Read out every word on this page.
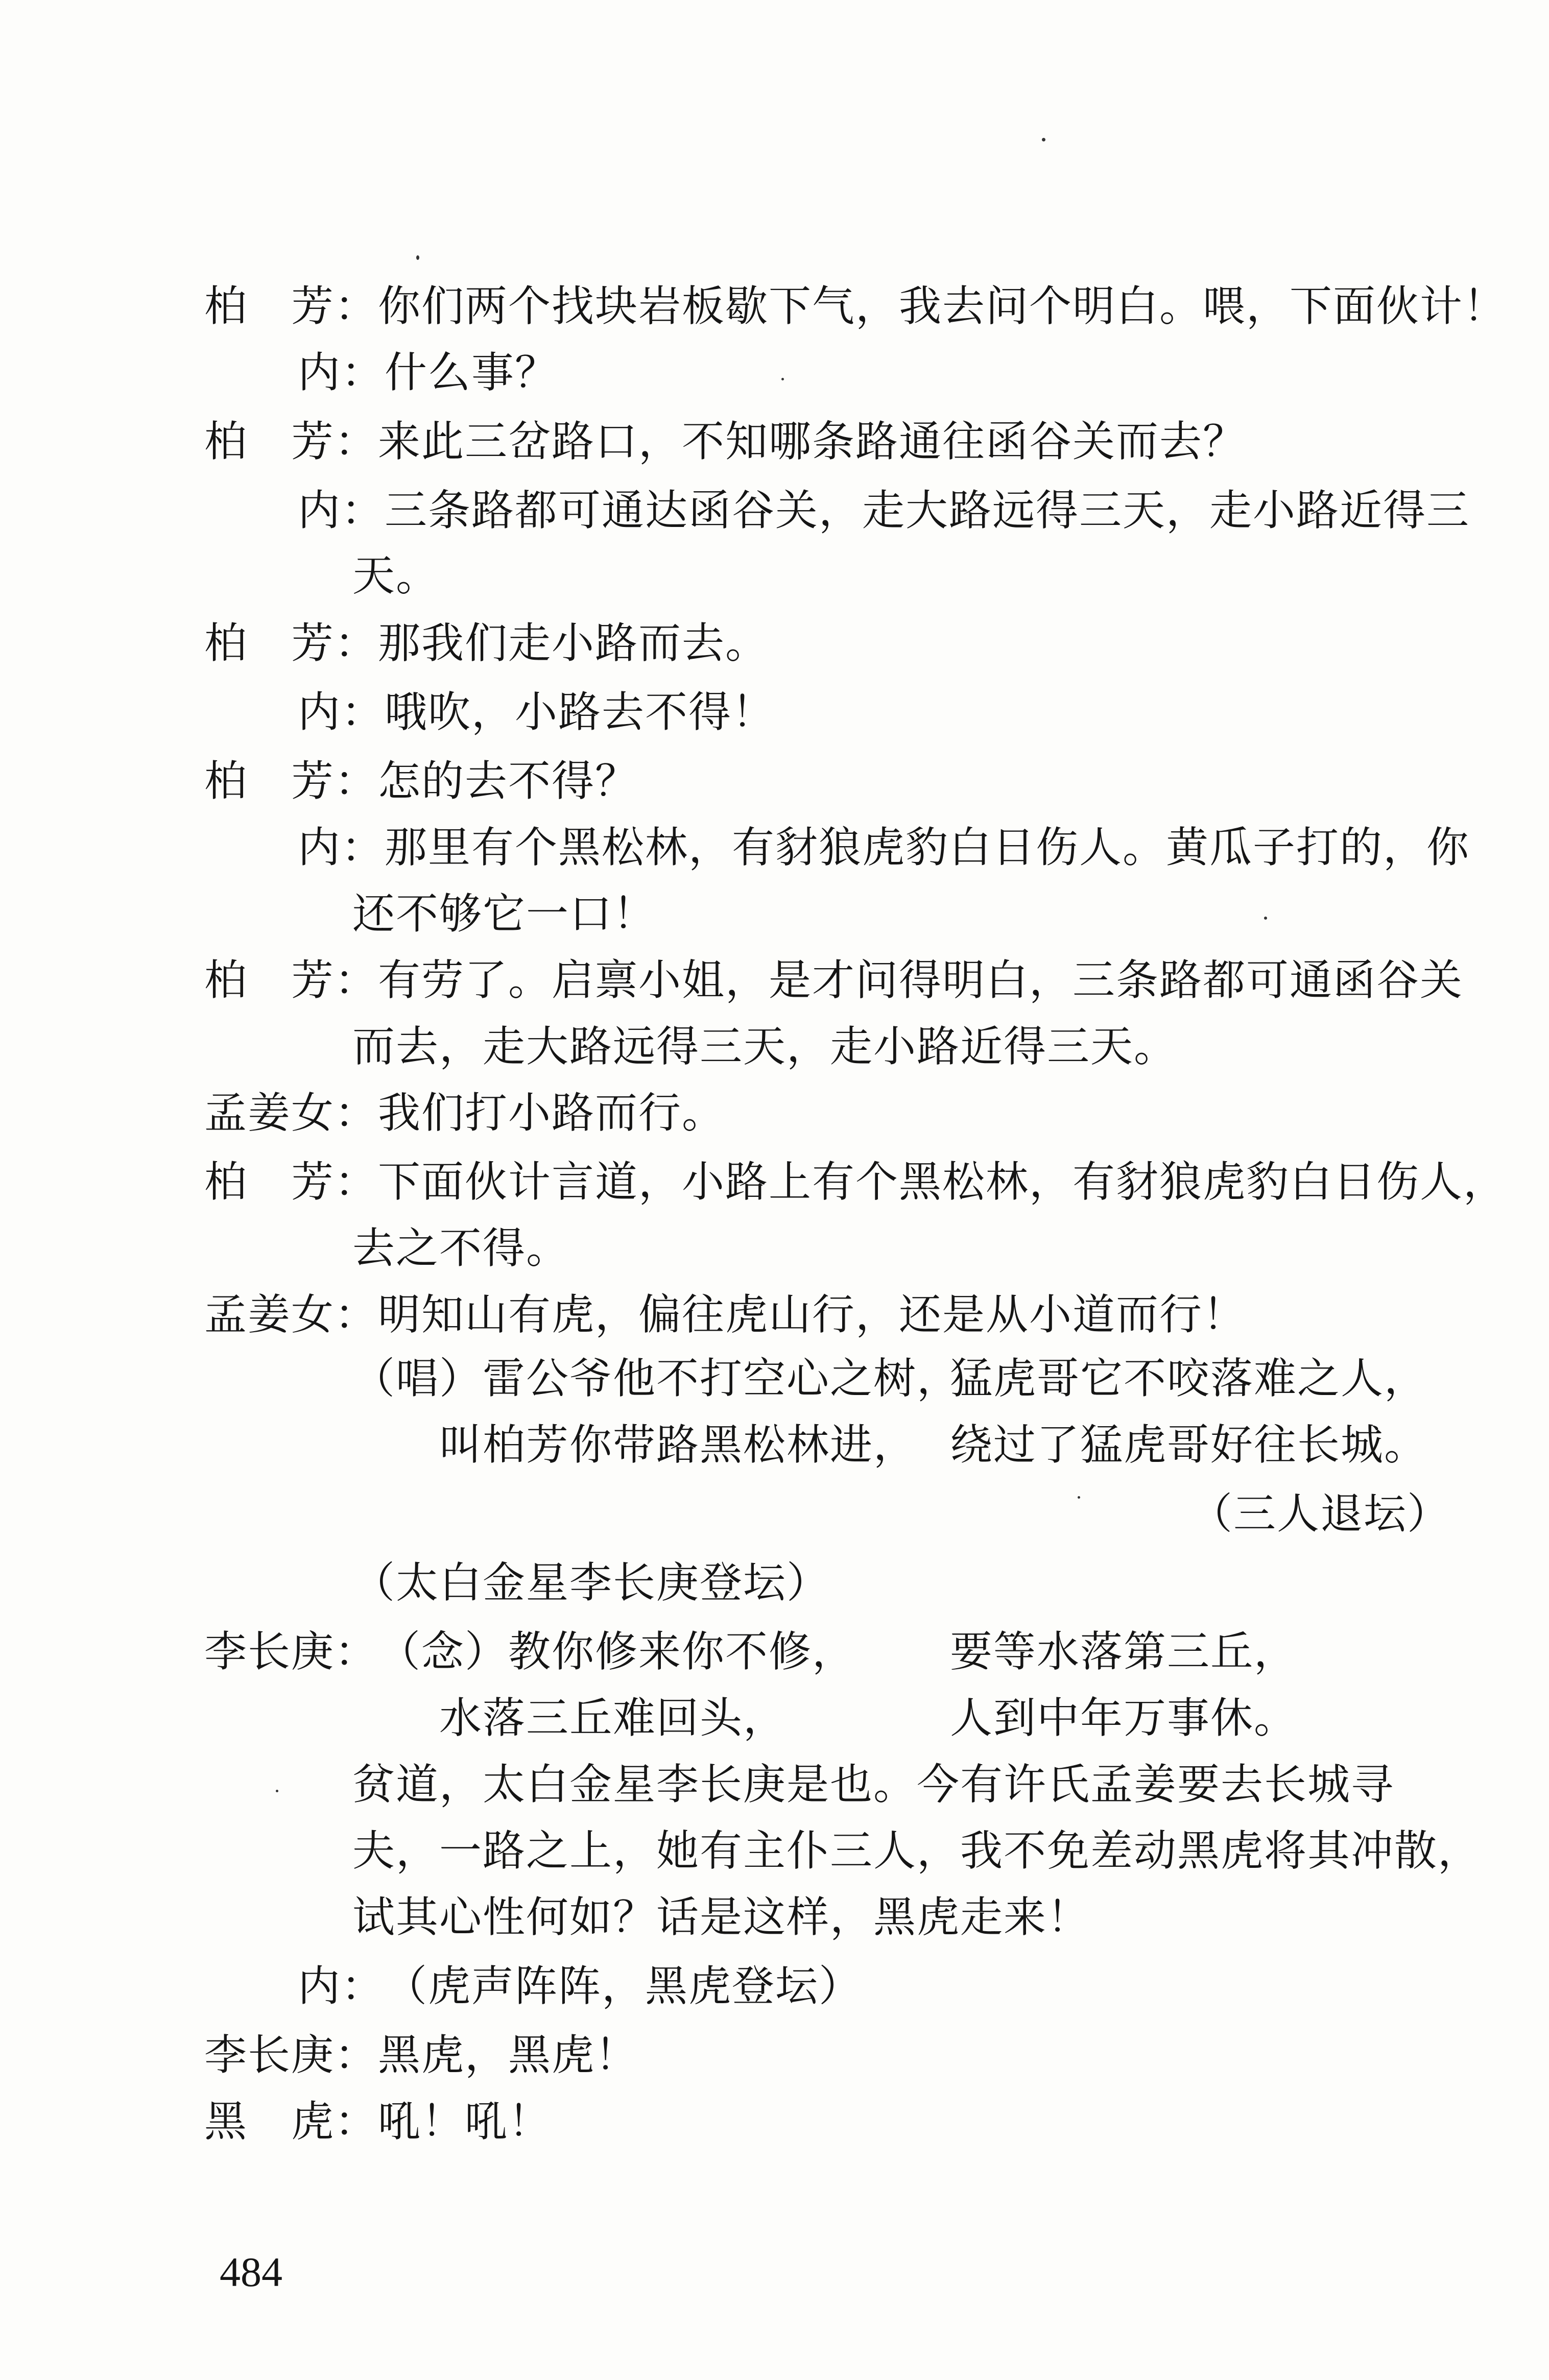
柏　芳：你们两个找块岩板歇下气，我去问个明白。喂，下面伙计！
内：什么事？
柏　芳：来此三岔路口，不知哪条路通往函谷关而去？
内：三条路都可通达函谷关，走大路远得三天，走小路近得三
天。
柏　芳：那我们走小路而去。
内：哦吹，小路去不得！
柏　芳：怎的去不得？
内：那里有个黑松林，有豺狼虎豹白日伤人。黄瓜子打的，你
还不够它一口！
柏　芳：有劳了。启禀小姐，是才问得明白，三条路都可通函谷关
而去，走大路远得三天，走小路近得三天。
孟姜女：我们打小路而行。
柏　芳：下面伙计言道，小路上有个黑松林，有豺狼虎豹白日伤人，
去之不得。
孟姜女：明知山有虎，偏往虎山行，还是从小道而行！
（唱）雷公爷他不打空心之树，
猛虎哥它不咬落难之人，
叫柏芳你带路黑松林进， 绕过了猛虎哥好往长城。
（三人退坛）
（太白金星李长庚登坛）
李长庚：（念）教你修来你不修， 要等水落第三丘，
水落三丘难回头，	人到中年万事休。
贫道，太白金星李长庚是也。今有许氏孟姜要去长城寻
夫，一路之上，她有主仆三人，我不免差动黑虎将其冲散，
试其心性何如？话是这样，黑虎走来！
内：（虎声阵阵，黑虎登坛）
李长庚：黑虎，黑虎！
黑　虎：吼！吼！
484
